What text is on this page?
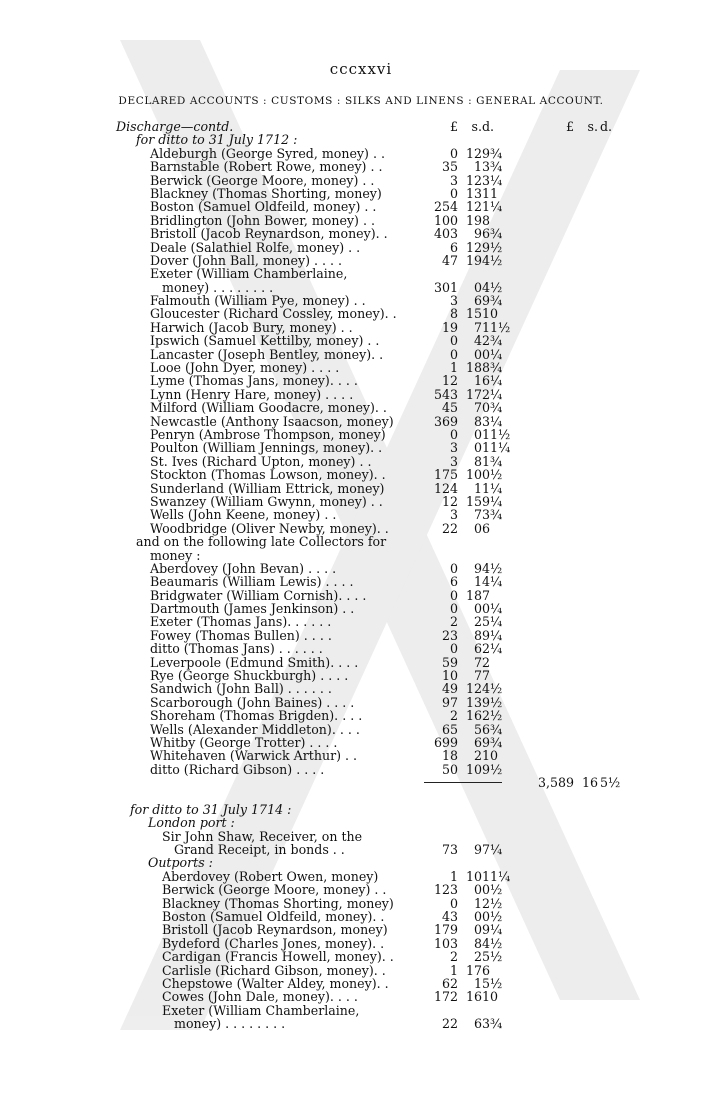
cccxxvi
DECLARED ACCOUNTS : CUSTOMS : SILKS AND LINENS : GENERAL ACCOUNT.
Discharge—contd.	£ s. d.	£ s. d.
for ditto to 31 July 1712 :
Aldeburgh (George Syred, money) . .	0 12 9¾
Barnstable (Robert Rowe, money) . .	35 1 3¾
Berwick (George Moore, money) . .	3 12 3¼
Blackney (Thomas Shorting, money)	0 13 11
Boston (Samuel Oldfeild, money) . .	254 12 1¼
Bridlington (John Bower, money) . .	100 19 8
Bristoll (Jacob Reynardson, money). .	403 9 6¾
Deale (Salathiel Rolfe, money) . .	6 12 9½
Dover (John Ball, money) . . . .	47 19 4½
Exeter (William Chamberlaine,
money) . . . . . . . .	301 0 4½
Falmouth (William Pye, money) . .	3 6 9¾
Gloucester (Richard Cossley, money). .	8 15 10
Harwich (Jacob Bury, money) . .	19 7 11½
Ipswich (Samuel Kettilby, money) . .	0 4 2¾
Lancaster (Joseph Bentley, money). .	0 0 0¼
Looe (John Dyer, money) . . . .	1 18 8¾
Lyme (Thomas Jans, money). . . .	12 1 6¼
Lynn (Henry Hare, money) . . . .	543 17 2¼
Milford (William Goodacre, money). .	45 7 0¾
Newcastle (Anthony Isaacson, money)	369 8 3¼
Penryn (Ambrose Thompson, money)	0 0 11½
Poulton (William Jennings, money). .	3 0 11¼
St. Ives (Richard Upton, money) . .	3 8 1¾
Stockton (Thomas Lowson, money). .	175 10 0½
Sunderland (William Ettrick, money)	124 1 1¼
Swanzey (William Gwynn, money) . .	12 15 9¼
Wells (John Keene, money) . .	3 7 3¾
Woodbridge (Oliver Newby, money). .	22 0 6
and on the following late Collectors for
money :
Aberdovey (John Bevan) . . . .	0 9 4½
Beaumaris (William Lewis) . . . .	6 1 4¼
Bridgwater (William Cornish). . . .	0 18 7
Dartmouth (James Jenkinson) . .	0 0 0¼
Exeter (Thomas Jans). . . . . .	2 2 5¼
Fowey (Thomas Bullen) . . . .	23 8 9¼
ditto (Thomas Jans) . . . . . .	0 6 2¼
Leverpoole (Edmund Smith). . . .	59 7 2
Rye (George Shuckburgh) . . . .	10 7 7
Sandwich (John Ball) . . . . . .	49 12 4½
Scarborough (John Baines) . . . .	97 13 9½
Shoreham (Thomas Brigden). . . .	2 16 2½
Wells (Alexander Middleton). . . .	65 5 6¾
Whitby (George Trotter) . . . .	699 6 9¾
Whitehaven (Warwick Arthur) . .	18 2 10
ditto (Richard Gibson) . . . .	50 10 9½
3,589 16 5½
for ditto to 31 July 1714 :
London port :
Sir John Shaw, Receiver, on the
Grand Receipt, in bonds . .	73 9 7¼
Outports :
Aberdovey (Robert Owen, money)	1 10 11¼
Berwick (George Moore, money) . .	123 0 0½
Blackney (Thomas Shorting, money)	0 1 2½
Boston (Samuel Oldfeild, money). .	43 0 0½
Bristoll (Jacob Reynardson, money)	179 0 9¼
Bydeford (Charles Jones, money). .	103 8 4½
Cardigan (Francis Howell, money). .	2 2 5½
Carlisle (Richard Gibson, money). .	1 17 6
Chepstowe (Walter Aldey, money). .	62 1 5½
Cowes (John Dale, money). . . .	172 16 10
Exeter (William Chamberlaine,
money) . . . . . . . .	22 6 3¾
